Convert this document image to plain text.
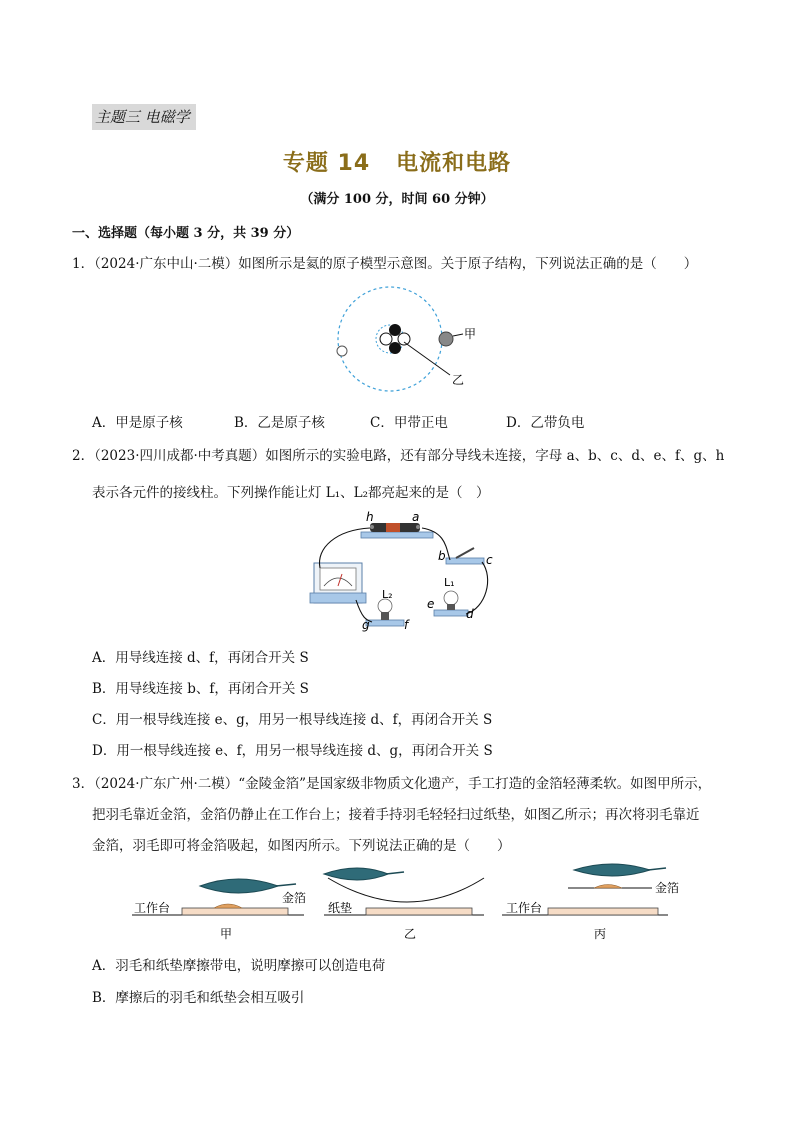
主题三 电磁学
专题 14   电流和电路
（满分 100 分，时间 60 分钟）
一、选择题（每小题 3 分，共 39 分）
1．（2024·广东中山·二模）如图所示是氦的原子模型示意图。关于原子结构，下列说法正确的是（　　）
甲
乙
A．甲是原子核	B．乙是原子核	C．甲带正电	D．乙带负电
2．（2023·四川成都·中考真题）如图所示的实验电路，还有部分导线未连接，字母 a、b、c、d、e、f、g、h
表示各元件的接线柱。下列操作能让灯 L₁、L₂都亮起来的是（　）
h	a
b	c
L₁
e
d
L₂
g	f
A．用导线连接 d、f，再闭合开关 S
B．用导线连接 b、f，再闭合开关 S
C．用一根导线连接 e、g，用另一根导线连接 d、f，再闭合开关 S
D．用一根导线连接 e、f，用另一根导线连接 d、g，再闭合开关 S
3．（2024·广东广州·二模）“金陵金箔”是国家级非物质文化遗产，手工打造的金箔轻薄柔软。如图甲所示，
把羽毛靠近金箔，金箔仍静止在工作台上；接着手持羽毛轻轻扫过纸垫，如图乙所示；再次将羽毛靠近
金箔，羽毛即可将金箔吸起，如图丙所示。下列说法正确的是（　　）
工作台
金箔
甲
纸垫
乙
工作台
金箔
丙
A．羽毛和纸垫摩擦带电，说明摩擦可以创造电荷
B．摩擦后的羽毛和纸垫会相互吸引
